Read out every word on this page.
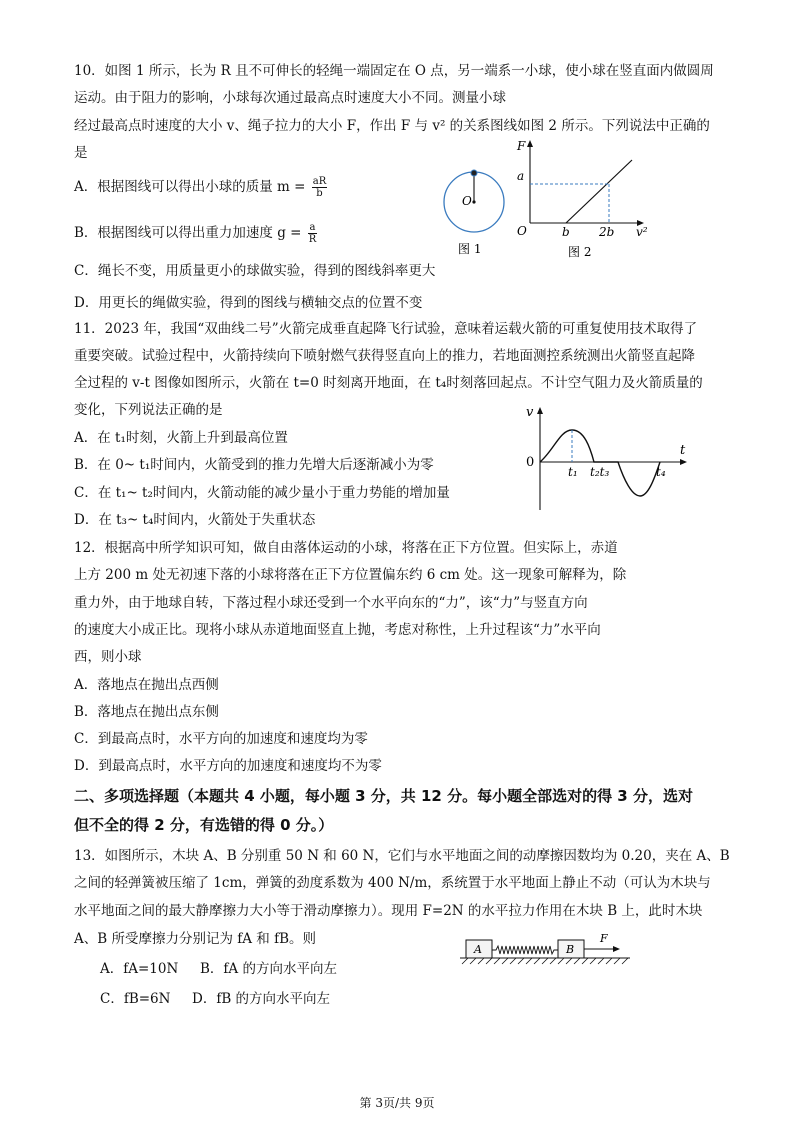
10．如图 1 所示，长为 R 且不可伸长的轻绳一端固定在 O 点，另一端系一小球，使小球在竖直面内做圆周
运动。由于阻力的影响，小球每次通过最高点时速度大小不同。测量小球
经过最高点时速度的大小 v、绳子拉力的大小 F，作出 F 与 v² 的关系图线如图 2 所示。下列说法中正确的
是
A．根据图线可以得出小球的质量 $m = \frac{aR}{b}$
B．根据图线可以得出重力加速度 $g = \frac{a}{R}$
C．绳长不变，用质量更小的球做实验，得到的图线斜率更大
D．用更长的绳做实验，得到的图线与横轴交点的位置不变
O
图 1
F
a
O	b 2b v²
图 2
11．2023 年，我国“双曲线二号”火箭完成垂直起降飞行试验，意味着运载火箭的可重复使用技术取得了
重要突破。试验过程中，火箭持续向下喷射燃气获得竖直向上的推力，若地面测控系统测出火箭竖直起降
全过程的 v-t 图像如图所示，火箭在 t=0 时刻离开地面，在 t₄时刻落回起点。不计空气阻力及火箭质量的
变化，下列说法正确的是
A．在 t₁时刻，火箭上升到最高位置
B．在 0~ t₁时间内，火箭受到的推力先增大后逐渐减小为零
C．在 t₁~ t₂时间内，火箭动能的减少量小于重力势能的增加量
D．在 t₃~ t₄时间内，火箭处于失重状态
v
t
0
t₁ t₂t₃	t₄
12．根据高中所学知识可知，做自由落体运动的小球，将落在正下方位置。但实际上，赤道
上方 200 m 处无初速下落的小球将落在正下方位置偏东约 6 cm 处。这一现象可解释为，除
重力外，由于地球自转，下落过程小球还受到一个水平向东的“力”，该“力”与竖直方向
的速度大小成正比。现将小球从赤道地面竖直上抛，考虑对称性，上升过程该“力”水平向
西，则小球
A．落地点在抛出点西侧
B．落地点在抛出点东侧
C．到最高点时，水平方向的加速度和速度均为零
D．到最高点时，水平方向的加速度和速度均不为零
二、多项选择题（本题共 4 小题，每小题 3 分，共 12 分。每小题全部选对的得 3 分，选对
但不全的得 2 分，有选错的得 0 分。）
13．如图所示，木块 A、B 分别重 50 N 和 60 N，它们与水平地面之间的动摩擦因数均为 0.20，夹在 A、B
之间的轻弹簧被压缩了 1cm，弹簧的劲度系数为 400 N/m，系统置于水平地面上静止不动（可认为木块与
水平地面之间的最大静摩擦力大小等于滑动摩擦力）。现用 F=2N 的水平拉力作用在木块 B 上，此时木块
A、B 所受摩擦力分别记为 fA 和 fB。则
A．fA=10N B．fA 的方向水平向左
C．fB=6N D．fB 的方向水平向左
A	B
F
第 3页/共 9页
